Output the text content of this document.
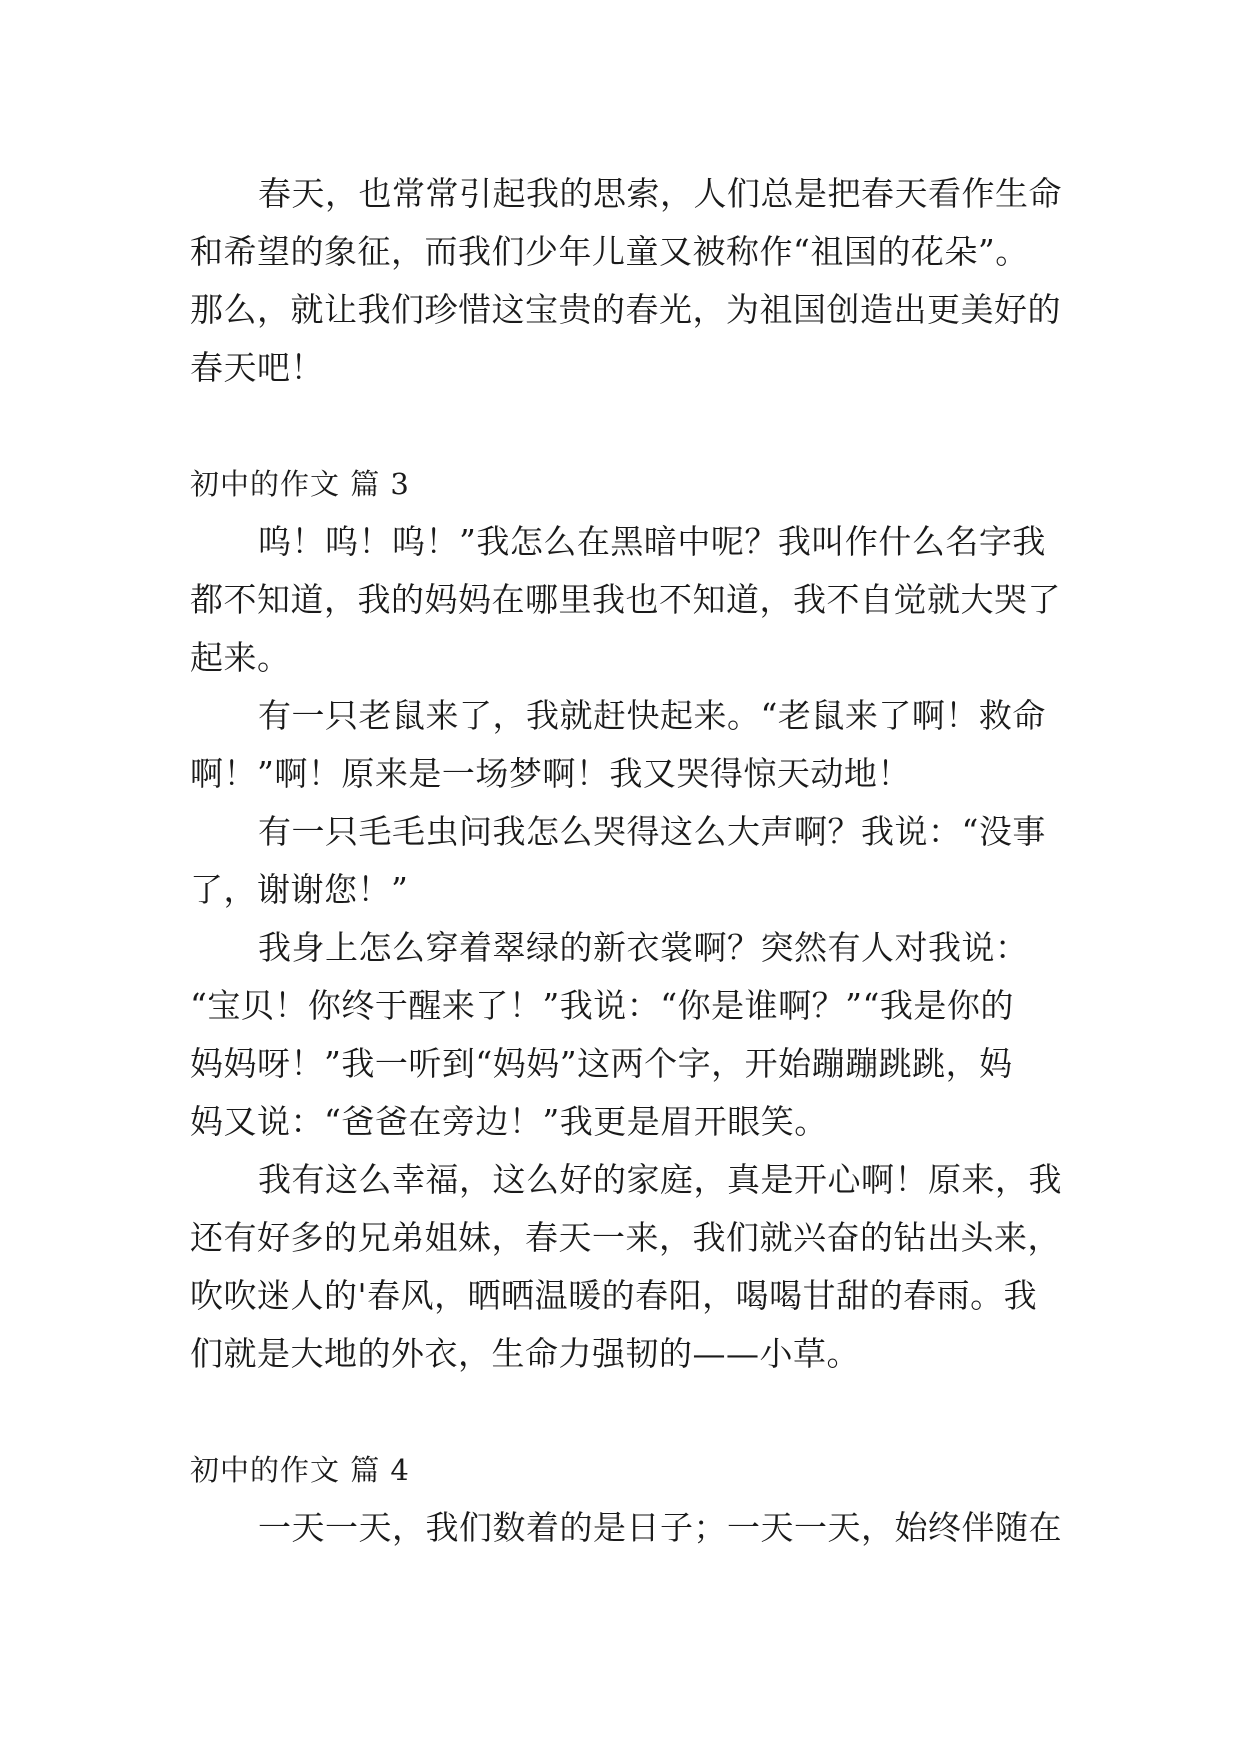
春天，也常常引起我的思索，人们总是把春天看作生命
和希望的象征，而我们少年儿童又被称作“祖国的花朵”。
那么，就让我们珍惜这宝贵的春光，为祖国创造出更美好的
春天吧！
初中的作文 篇 3
呜！呜！呜！”我怎么在黑暗中呢？我叫作什么名字我
都不知道，我的妈妈在哪里我也不知道，我不自觉就大哭了
起来。
有一只老鼠来了，我就赶快起来。“老鼠来了啊！救命
啊！”啊！原来是一场梦啊！我又哭得惊天动地！
有一只毛毛虫问我怎么哭得这么大声啊？我说：“没事
了，谢谢您！”
我身上怎么穿着翠绿的新衣裳啊？突然有人对我说：
“宝贝！你终于醒来了！”我说：“你是谁啊？”“我是你的
妈妈呀！”我一听到“妈妈”这两个字，开始蹦蹦跳跳，妈
妈又说：“爸爸在旁边！”我更是眉开眼笑。
我有这么幸福，这么好的家庭，真是开心啊！原来，我
还有好多的兄弟姐妹，春天一来，我们就兴奋的钻出头来，
吹吹迷人的'春风，晒晒温暖的春阳，喝喝甘甜的春雨。我
们就是大地的外衣，生命力强韧的——小草。
初中的作文 篇 4
一天一天，我们数着的是日子；一天一天，始终伴随在
